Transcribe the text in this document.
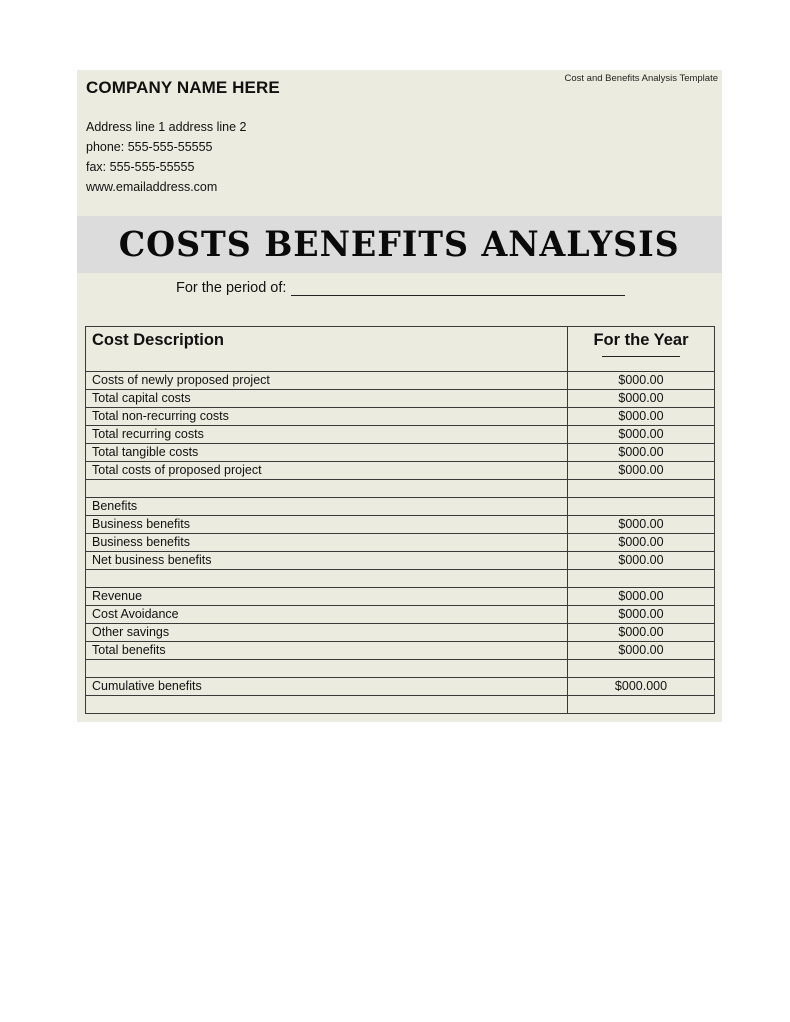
Cost and Benefits Analysis Template
COMPANY NAME HERE
Address line 1 address line 2
phone: 555-555-55555
fax: 555-555-55555
www.emailaddress.com
COSTS BENEFITS ANALYSIS
For the period of:
Cost Description	For the Year

Costs of newly proposed project	$000.00
Total capital costs	$000.00
Total non-recurring costs	$000.00
Total recurring costs	$000.00
Total tangible costs	$000.00
Total costs of proposed project	$000.00

Benefits	
Business benefits	$000.00
Business benefits	$000.00
Net business benefits	$000.00

Revenue	$000.00
Cost Avoidance	$000.00
Other savings	$000.00
Total benefits	$000.00

Cumulative benefits	$000.000
